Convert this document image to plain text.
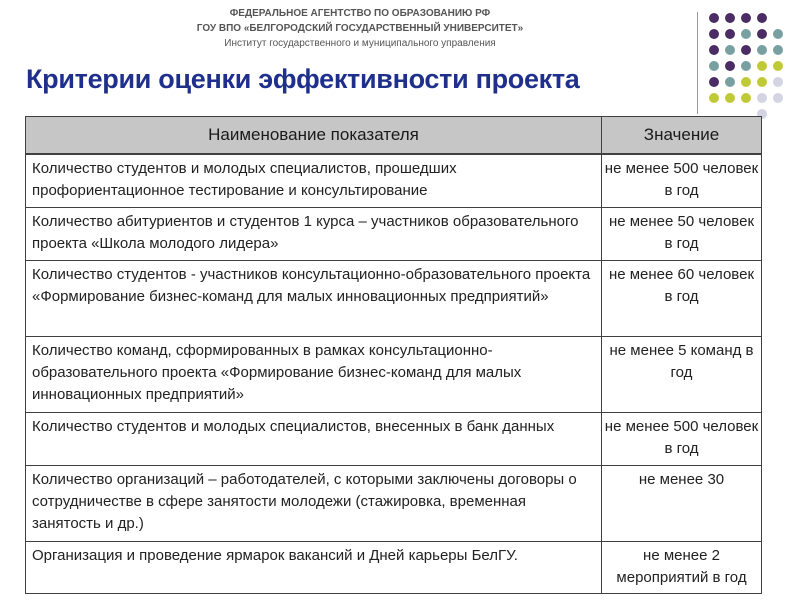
ФЕДЕРАЛЬНОЕ АГЕНТСТВО ПО ОБРАЗОВАНИЮ РФ
ГОУ ВПО «БЕЛГОРОДСКИЙ ГОСУДАРСТВЕННЫЙ УНИВЕРСИТЕТ»
Институт государственного и муниципального управления
Критерии оценки эффективности проекта
Наименование показателя	Значение
Количество студентов и молодых специалистов, прошедших профориентационное тестирование и консультирование	не менее 500 человек в год
Количество абитуриентов и студентов 1 курса – участников образовательного проекта «Школа молодого лидера»	не менее 50 человек в год
Количество студентов - участников консультационно-образовательного проекта «Формирование бизнес-команд для малых инновационных предприятий»	не менее 60 человек в год
Количество команд, сформированных в рамках консультационно-образовательного проекта «Формирование бизнес-команд для малых инновационных предприятий»	не менее 5 команд в год
Количество студентов и молодых специалистов, внесенных в банк данных	не менее 500 человек в год
Количество организаций – работодателей, с которыми заключены договоры о сотрудничестве в сфере занятости молодежи (стажировка, временная занятость и др.)	не менее 30
Организация и проведение ярмарок вакансий и Дней карьеры БелГУ.	не менее 2 мероприятий в год
